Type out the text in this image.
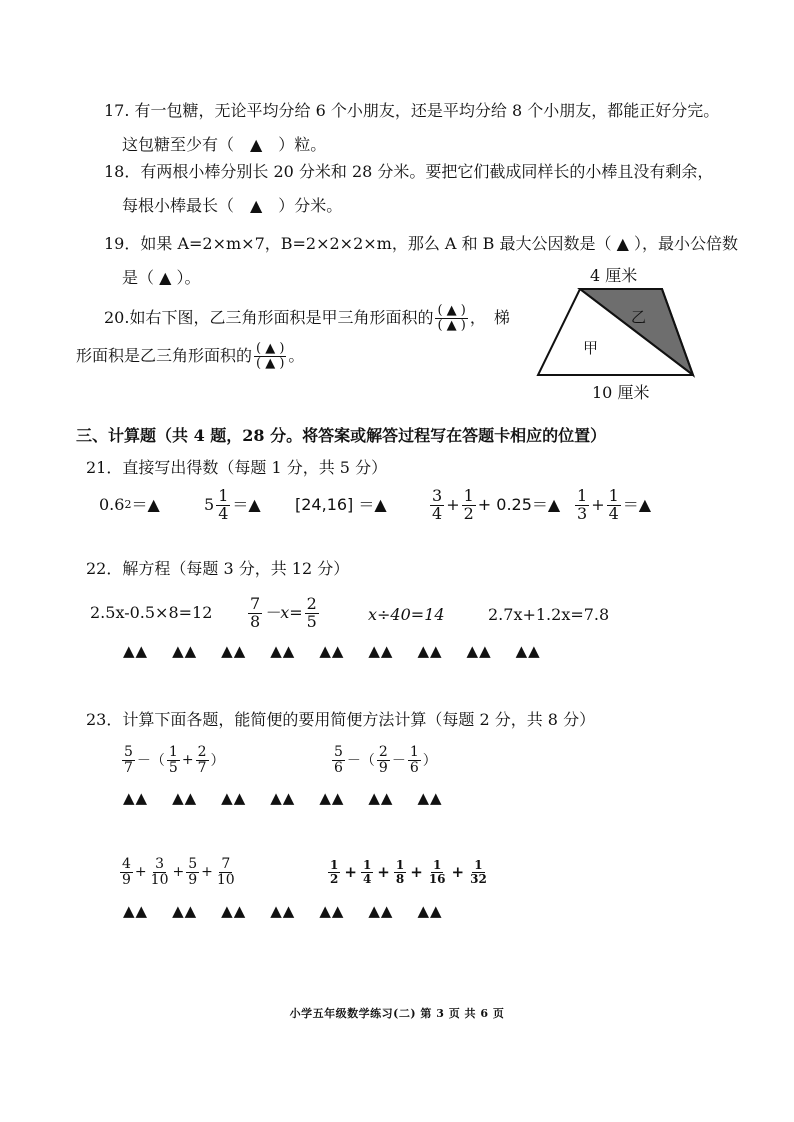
17. 有一包糖，无论平均分给 6 个小朋友，还是平均分给 8 个小朋友，都能正好分完。
这包糖至少有（　▲　）粒。
18．有两根小棒分别长 20 分米和 28 分米。要把它们截成同样长的小棒且没有剩余，
每根小棒最长（　▲　）分米。
19．如果 A=2×m×7，B=2×2×2×m，那么 A 和 B 最大公因数是（ ▲ ），最小公倍数
是（ ▲ ）。
20.如右下图，乙三角形面积是甲三角形面积的 $\frac{( ▲ )}{( ▲ )}$ ，　梯
形面积是乙三角形面积的 $\frac{( ▲ )}{( ▲ )}$ 。
4 厘米
乙
甲
10 厘米
三、计算题（共 4 题，28 分。将答案或解答过程写在答题卡相应的位置）
21．直接写出得数（每题 1 分，共 5 分）
0.6 2 ＝▲	$5 \frac{1}{4}$ ＝▲ [24,16] ＝▲	$\frac{3}{4} + \frac{1}{2}$ + 0.25＝▲ $\frac{1}{3} + \frac{1}{4}$ ＝▲
22．解方程（每题 3 分，共 12 分）
$2.5x-0.5\times 8=12 \frac{7}{8} -x= \frac{2}{5}$	x÷40=14	2.7x+1.2x=7.8
▲▲ ▲▲ ▲▲ ▲▲ ▲▲ ▲▲ ▲▲ ▲▲ ▲▲
23．计算下面各题，能简便的要用简便方法计算（每题 2 分，共 8 分）
$\frac{5}{7}$ －（ $\frac{1}{5} + \frac{2}{7}$ ）	$\frac{5}{6}$ －（ $\frac{2}{9} - \frac{1}{6}$ ）
▲▲ ▲▲ ▲▲ ▲▲ ▲▲ ▲▲ ▲▲
$\frac{4}{9} + \frac{3}{10} + \frac{5}{9} + \frac{7}{10}$	$\frac{1}{2} + \frac{1}{4} + \frac{1}{8} + \frac{1}{16} + \frac{1}{32}$
▲▲ ▲▲ ▲▲ ▲▲ ▲▲ ▲▲ ▲▲
小学五年级数学练习(二) 第 3 页 共 6 页
